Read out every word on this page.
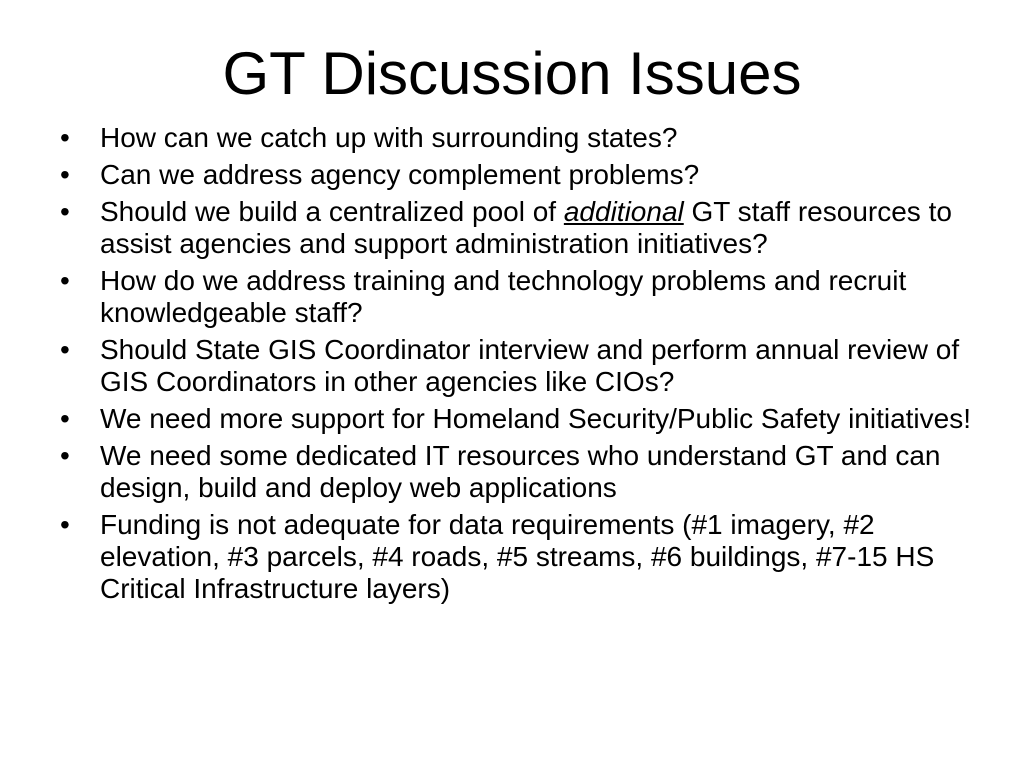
GT Discussion Issues
•	How can we catch up with surrounding states?
•	Can we address agency complement problems?
•	Should we build a centralized pool of additional GT staff resources to assist agencies and support administration initiatives?
•	How do we address training and technology problems and recruit knowledgeable staff?
•	Should State GIS Coordinator interview and perform annual review of GIS Coordinators in other agencies like CIOs?
•	We need more support for Homeland Security/Public Safety initiatives!
•	We need some dedicated IT resources who understand GT and can design, build and deploy web applications
•	Funding is not adequate for data requirements (#1 imagery, #2 elevation, #3 parcels, #4 roads, #5 streams, #6 buildings, #7-15 HS Critical Infrastructure layers)
